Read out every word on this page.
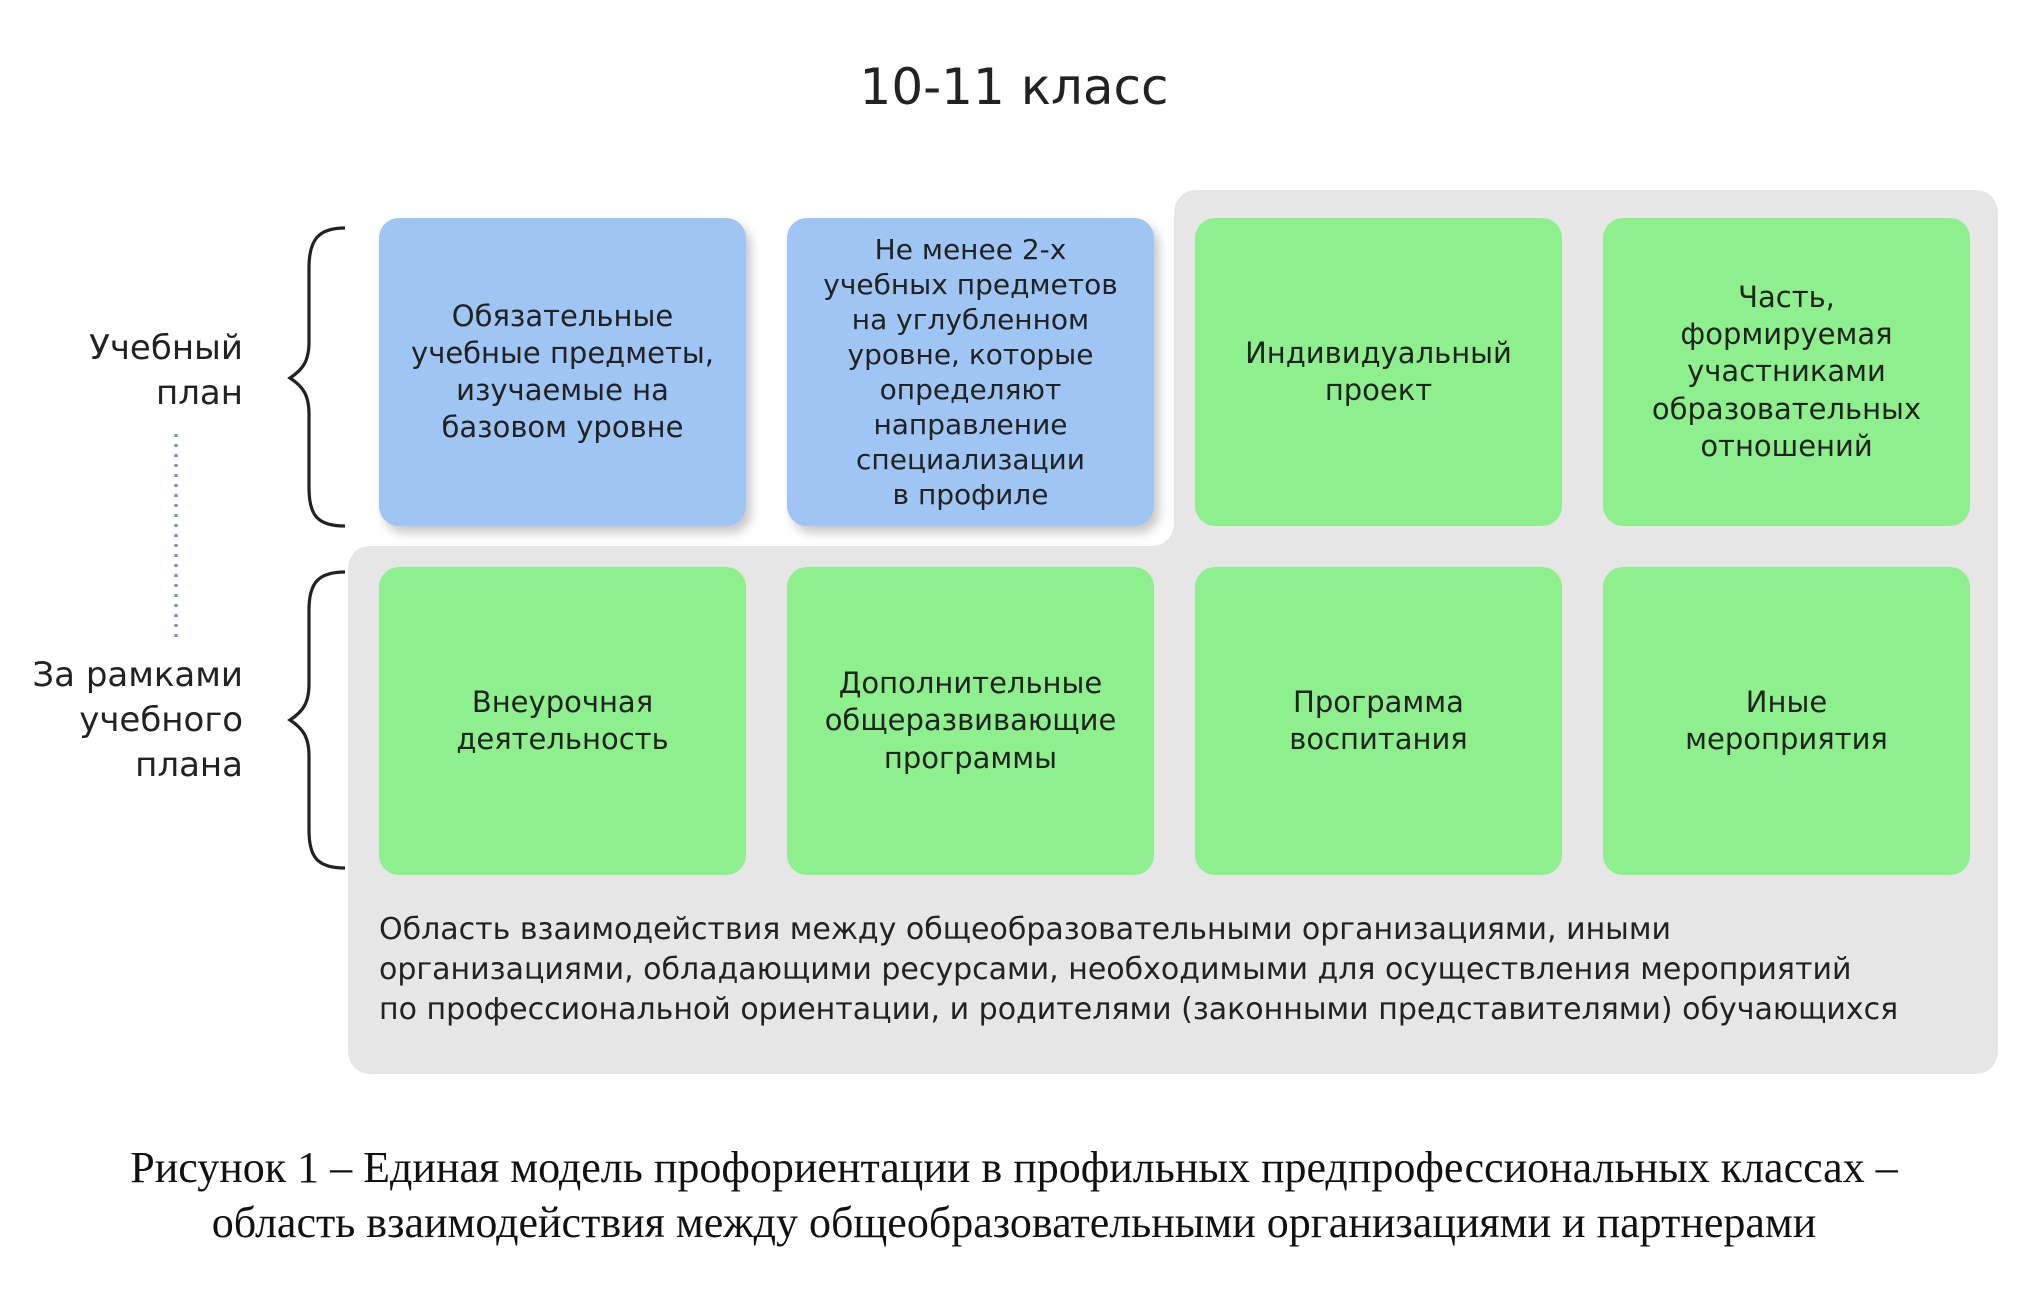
10-11 класс
Учебный
план
За рамками
учебного
плана
Обязательные
учебные предметы,
изучаемые на
базовом уровне
Не менее 2-х
учебных предметов
на углубленном
уровне, которые
определяют
направление
специализации
в профиле
Индивидуальный
проект
Часть,
формируемая
участниками
образовательных
отношений
Внеурочная
деятельность
Дополнительные
общеразвивающие
программы
Программа
воспитания
Иные
мероприятия
Область взаимодействия между общеобразовательными организациями, иными
организациями, обладающими ресурсами, необходимыми для осуществления мероприятий
по профессиональной ориентации, и родителями (законными представителями) обучающихся
Рисунок 1 – Единая модель профориентации в профильных предпрофессиональных классах –
область взаимодействия между общеобразовательными организациями и партнерами
